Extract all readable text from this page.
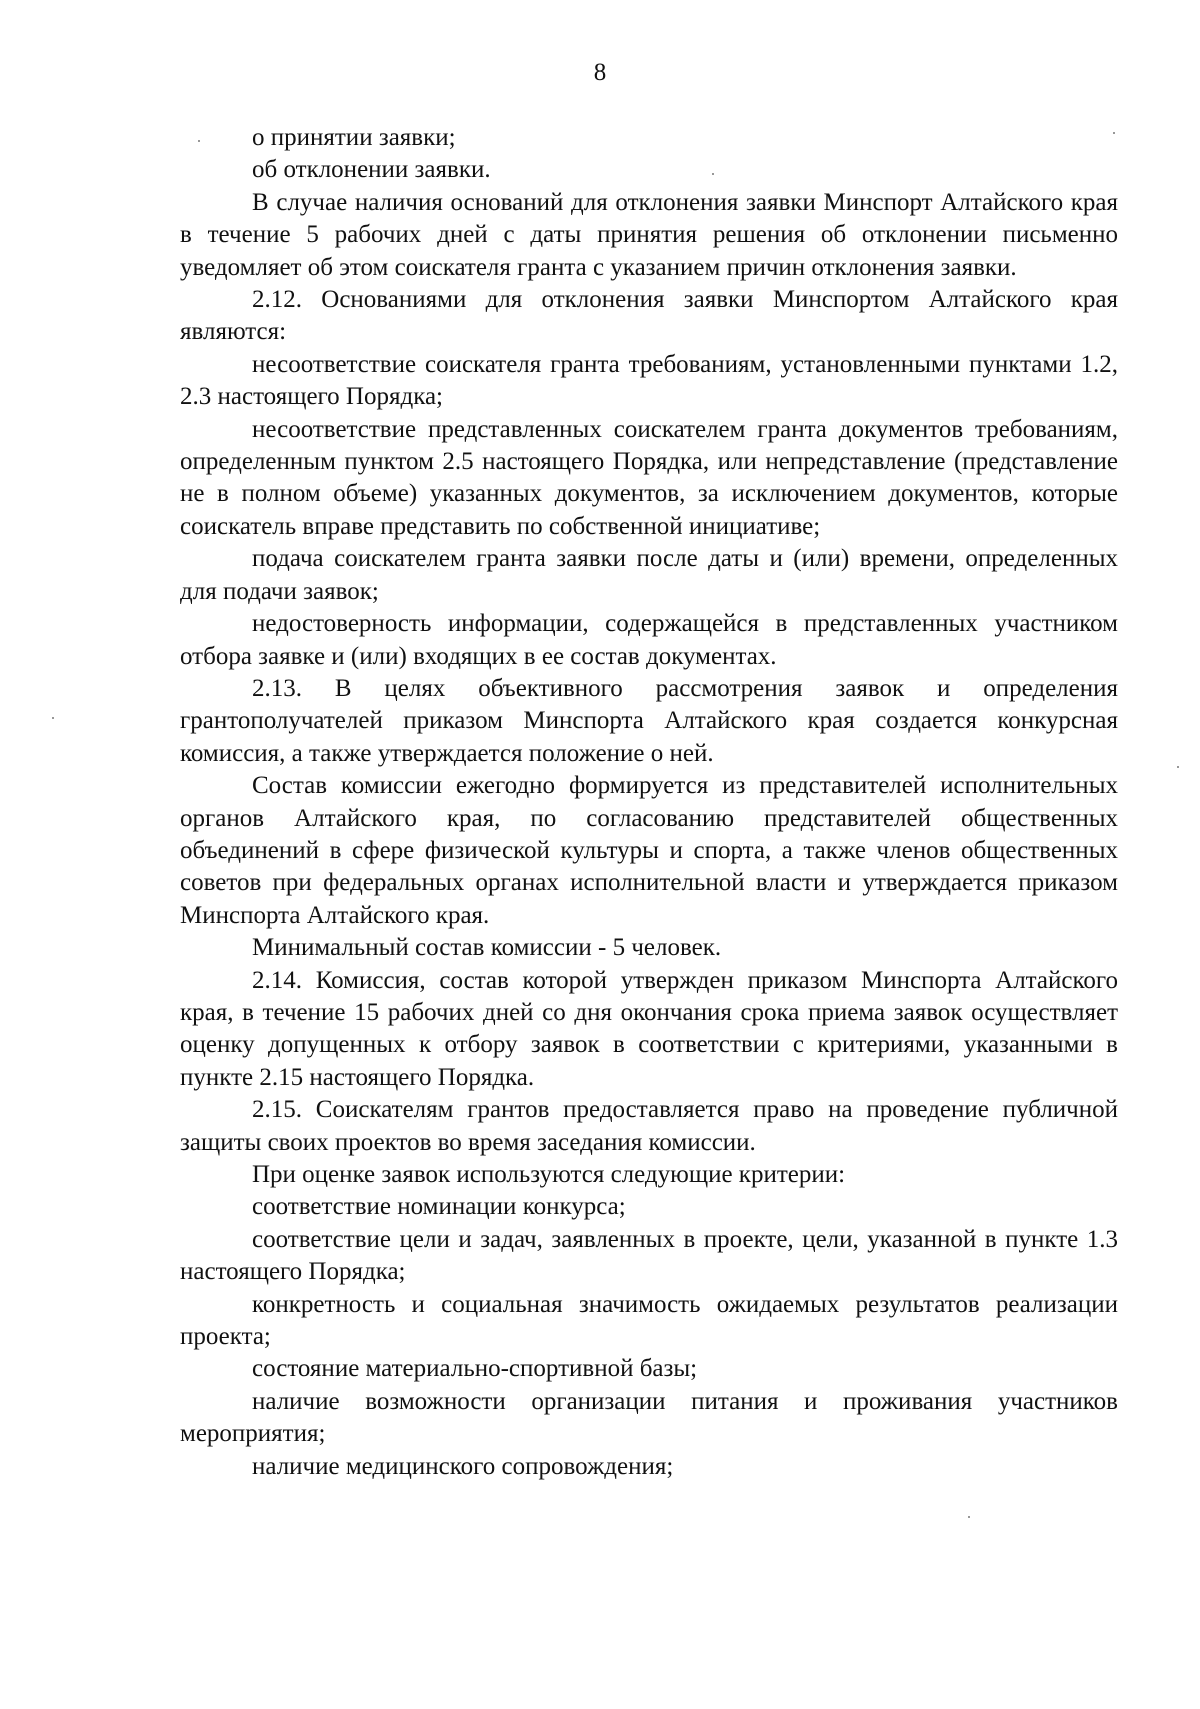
8

о принятии заявки;

об отклонении заявки.

В случае наличия оснований для отклонения заявки Минспорт Алтайского края в течение 5 рабочих дней с даты принятия решения об отклонении письменно уведомляет об этом соискателя гранта с указанием причин отклонения заявки.

2.12. Основаниями для отклонения заявки Минспортом Алтайского края являются:

несоответствие соискателя гранта требованиям, установленными пунктами 1.2, 2.3 настоящего Порядка;

несоответствие представленных соискателем гранта документов требованиям, определенным пунктом 2.5 настоящего Порядка, или непредставление (представление не в полном объеме) указанных документов, за исключением документов, которые соискатель вправе представить по собственной инициативе;

подача соискателем гранта заявки после даты и (или) времени, определенных для подачи заявок;

недостоверность информации, содержащейся в представленных участником отбора заявке и (или) входящих в ее состав документах.

2.13. В целях объективного рассмотрения заявок и определения грантополучателей приказом Минспорта Алтайского края создается конкурсная комиссия, а также утверждается положение о ней.

Состав комиссии ежегодно формируется из представителей исполнительных органов Алтайского края, по согласованию представителей общественных объединений в сфере физической культуры и спорта, а также членов общественных советов при федеральных органах исполнительной власти и утверждается приказом Минспорта Алтайского края.

Минимальный состав комиссии - 5 человек.

2.14. Комиссия, состав которой утвержден приказом Минспорта Алтайского края, в течение 15 рабочих дней со дня окончания срока приема заявок осуществляет оценку допущенных к отбору заявок в соответствии с критериями, указанными в пункте 2.15 настоящего Порядка.

2.15. Соискателям грантов предоставляется право на проведение публичной защиты своих проектов во время заседания комиссии.

При оценке заявок используются следующие критерии:

соответствие номинации конкурса;

соответствие цели и задач, заявленных в проекте, цели, указанной в пункте 1.3 настоящего Порядка;

конкретность и социальная значимость ожидаемых результатов реализации проекта;

состояние материально-спортивной базы;

наличие возможности организации питания и проживания участников мероприятия;

наличие медицинского сопровождения;
